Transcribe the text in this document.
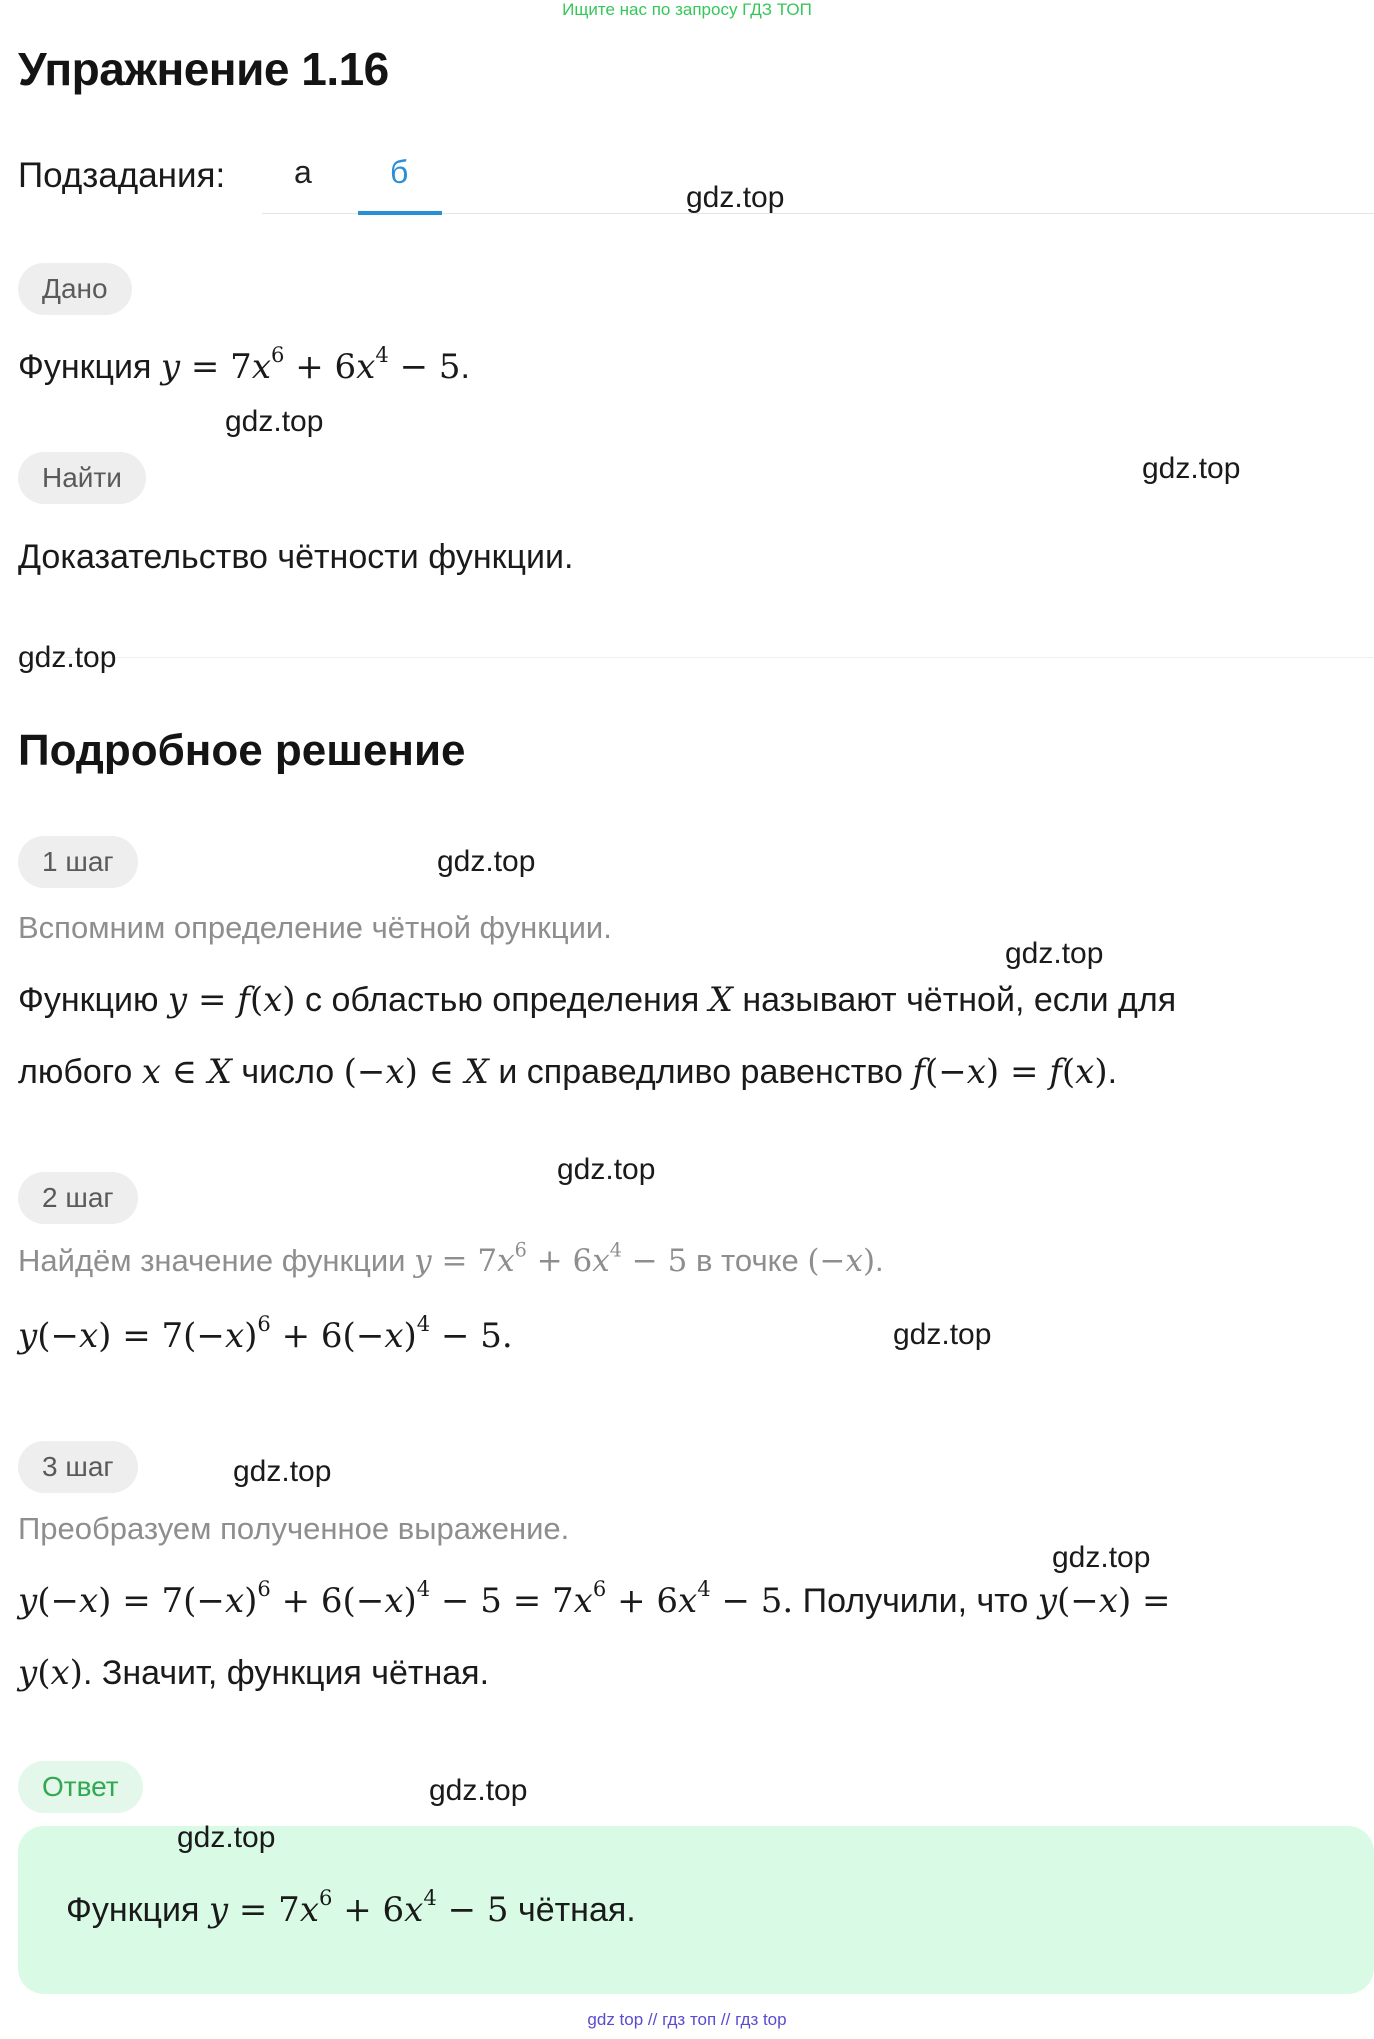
Ищите нас по запросу ГДЗ ТОП
Упражнение 1.16
Подзадания: а б
Дано
Функция $y = 7x^6 + 6x^4 - 5$.
Найти
Доказательство чётности функции.
Подробное решение
1 шаг
Вспомним определение чётной функции.
Функцию y = f(x) с областью определения X называют чётной, если для
любого x ∈ X число (−x) ∈ X и справедливо равенство f(−x) = f(x).
2 шаг
Найдём значение функции $y = 7x^6 + 6x^4 - 5$ в точке (−x).
$y(-x) = 7(-x)^6 + 6(-x)^4 - 5$.
3 шаг
Преобразуем полученное выражение.
$y(-x) = 7(-x)^6 + 6(-x)^4 - 5 = 7x^6 + 6x^4 - 5$. Получили, что y(−x) =
y(x). Значит, функция чётная.
Ответ
Функция $y = 7x^6 + 6x^4 - 5$ чётная.
gdz.top
gdz.top
gdz.top
gdz.top
gdz.top
gdz.top
gdz.top
gdz.top
gdz.top
gdz.top
gdz.top
gdz.top
gdz top // гдз топ // гдз top
